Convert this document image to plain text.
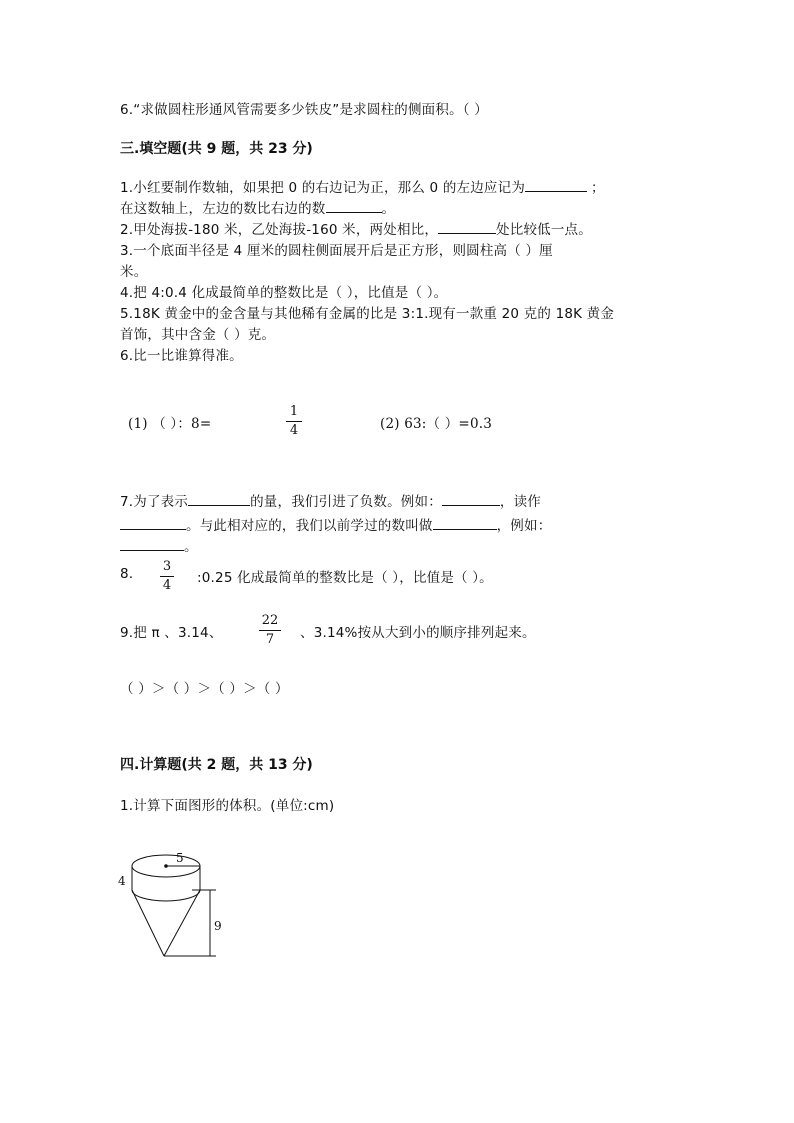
6.“求做圆柱形通风管需要多少铁皮”是求圆柱的侧面积。（ ）
三.填空题(共 9 题，共 23 分)
1.小红要制作数轴，如果把 0 的右边记为正，那么 0 的左边应记为	；
在这数轴上，左边的数比右边的数	。
2.甲处海拔-180 米，乙处海拔-160 米，两处相比，	处比较低一点。
3.一个底面半径是 4 厘米的圆柱侧面展开后是正方形，则圆柱高（ ）厘
米。
4.把 4:0.4 化成最简单的整数比是（ ），比值是（ ）。
5.18K 黄金中的金含量与其他稀有金属的比是 3:1.现有一款重 20 克的 18K 黄金
首饰，其中含金（ ）克。
6.比一比谁算得准。
(1) （ ）：8=
1
4	(2) 63:（ ）=0.3
7.为了表示	的量，我们引进了负数。例如：	，读作
。与此相对应的，我们以前学过的数叫做	，例如：
。
8. 3
4 :0.25 化成最简单的整数比是（ ），比值是（ ）。
9.把 π 、3.14、
22
7	、3.14%按从大到小的顺序排列起来。
（ ）＞（ ）＞（ ）＞（ ）
四.计算题(共 2 题，共 13 分)
1.计算下面图形的体积。(单位:cm)
5
4
9
